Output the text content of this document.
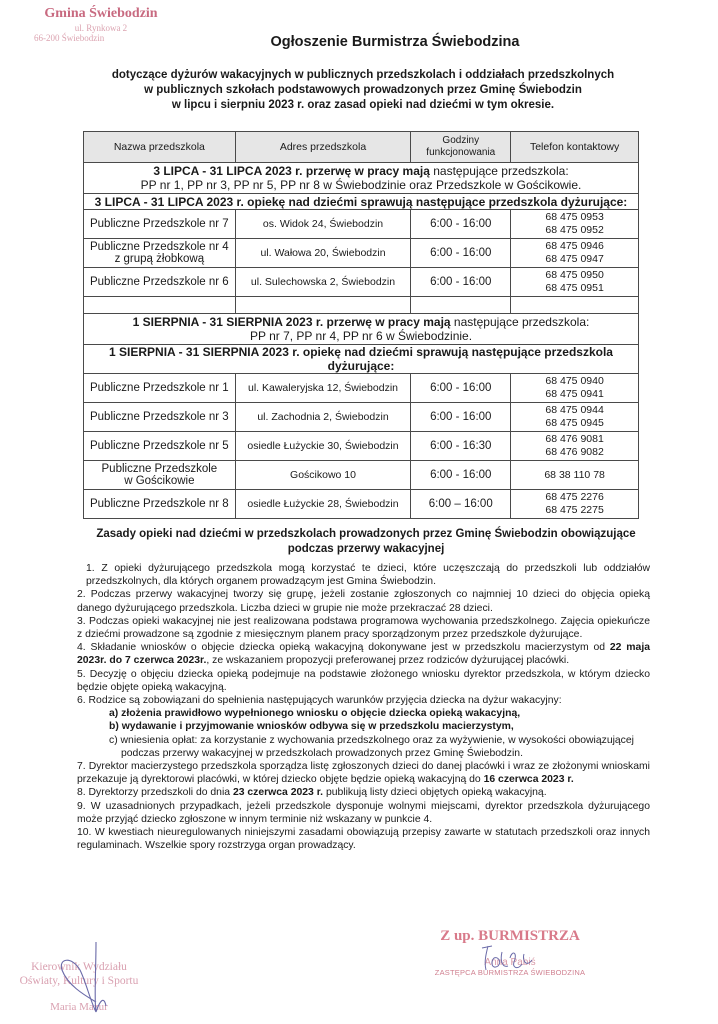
Gmina Świebodzin
ul. Rynkowa 2
66-200 Świebodzin	Ogłoszenie Burmistrza Świebodzina
dotyczące dyżurów wakacyjnych w publicznych przedszkolach i oddziałach przedszkolnych
w publicznych szkołach podstawowych prowadzonych przez Gminę Świebodzin
w lipcu i sierpniu 2023 r. oraz zasad opieki nad dziećmi w tym okresie.
Nazwa przedszkola	Adres przedszkola	Godziny
funkcjonowania	Telefon kontaktowy

3 LIPCA - 31 LIPCA 2023 r. przerwę w pracy mają następujące przedszkola:
PP nr 1, PP nr 3, PP nr 5, PP nr 8 w Świebodzinie oraz Przedszkole w Gościkowie.			

3 LIPCA - 31 LIPCA 2023 r. opiekę nad dziećmi sprawują następujące przedszkola dyżurujące:			
Publiczne Przedszkole nr 7	os. Widok 24, Świebodzin	6:00 - 16:00	68 475 0953
68 475 0952

Publiczne Przedszkole nr 4
z grupą żłobkową	ul. Wałowa 20, Świebodzin	6:00 - 16:00	
68 475 0946
68 475 0947

Publiczne Przedszkole nr 6	ul. Sulechowska 2, Świebodzin	6:00 - 16:00	68 475 0950
68 475 0951

1 SIERPNIA - 31 SIERPNIA 2023 r. przerwę w pracy mają następujące przedszkola:
PP nr 7, PP nr 4, PP nr 6 w Świebodzinie.			

1 SIERPNIA - 31 SIERPNIA 2023 r. opiekę nad dziećmi sprawują następujące przedszkola dyżurujące:			
Publiczne Przedszkole nr 1	ul. Kawaleryjska 12, Świebodzin	6:00 - 16:00	68 475 0940
68 475 0941

Publiczne Przedszkole nr 3	ul. Zachodnia 2, Świebodzin	6:00 - 16:00	68 475 0944
68 475 0945

Publiczne Przedszkole nr 5	osiedle Łużyckie 30, Świebodzin	6:00 - 16:30	68 476 9081
68 476 9082

Publiczne Przedszkole
w Gościkowie	Gościkowo 10	6:00 - 16:00	68 38 110 78
Publiczne Przedszkole nr 8	osiedle Łużyckie 28, Świebodzin	6:00 – 16:00	68 475 2276
68 475 2275
Zasady opieki nad dziećmi w przedszkolach prowadzonych przez Gminę Świebodzin obowiązujące
podczas przerwy wakacyjnej

1. Z opieki dyżurującego przedszkola mogą korzystać te dzieci, które uczęszczają do przedszkoli lub oddziałów przedszkolnych, dla których organem prowadzącym jest Gmina Świebodzin.

2. Podczas przerwy wakacyjnej tworzy się grupę, jeżeli zostanie zgłoszonych co najmniej 10 dzieci do objęcia opieką danego dyżurującego przedszkola. Liczba dzieci w grupie nie może przekraczać 28 dzieci.

3. Podczas opieki wakacyjnej nie jest realizowana podstawa programowa wychowania przedszkolnego. Zajęcia opiekuńcze z dziećmi prowadzone są zgodnie z miesięcznym planem pracy sporządzonym przez przedszkole dyżurujące.

4. Składanie wniosków o objęcie dziecka opieką wakacyjną dokonywane jest w przedszkolu macierzystym od 22 maja 2023r. do 7 czerwca 2023r., ze wskazaniem propozycji preferowanej przez rodziców dyżurującej placówki.

5. Decyzję o objęciu dziecka opieką podejmuje na podstawie złożonego wniosku dyrektor przedszkola, w którym dziecko będzie objęte opieką wakacyjną.

6. Rodzice są zobowiązani do spełnienia następujących warunków przyjęcia dziecka na dyżur wakacyjny:

a) złożenia prawidłowo wypełnionego wniosku o objęcie dziecka opieką wakacyjną,

b) wydawanie i przyjmowanie wniosków odbywa się w przedszkolu macierzystym,

c) wniesienia opłat: za korzystanie z wychowania przedszkolnego oraz za wyżywienie, w wysokości obowiązującej

podczas przerwy wakacyjnej w przedszkolach prowadzonych przez Gminę Świebodzin.

7. Dyrektor macierzystego przedszkola sporządza listę zgłoszonych dzieci do danej placówki i wraz ze złożonymi wnioskami przekazuje ją dyrektorowi placówki, w której dziecko objęte będzie opieką wakacyjną do 16 czerwca 2023 r.

8. Dyrektorzy przedszkoli do dnia 23 czerwca 2023 r. publikują listy dzieci objętych opieką wakacyjną.

9. W uzasadnionych przypadkach, jeżeli przedszkole dysponuje wolnymi miejscami, dyrektor przedszkola dyżurującego może przyjąć dziecko zgłoszone w innym terminie niż wskazany w punkcie 4.

10. W kwestiach nieuregulowanych niniejszymi zasadami obowiązują przepisy zawarte w statutach przedszkoli oraz innych regulaminach. Wszelkie spory rozstrzyga organ prowadzący.

Z up. BURMISTRZA
Anna Pabiś
ZASTĘPCA BURMISTRZA ŚWIEBODZINA
Kierownik Wydziału
Oświaty, Kultury i Sportu
Maria Mazur
